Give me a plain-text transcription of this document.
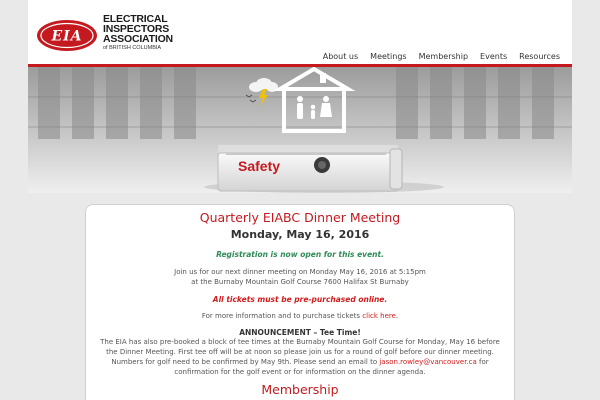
EIA
ELECTRICAL
INSPECTORS
ASSOCIATION
of BRITISH COLUMBIA
About us	Meetings	Membership	Events	Resources
Safety
Quarterly EIABC Dinner Meeting
Monday, May 16, 2016
Registration is now open for this event.
Join us for our next dinner meeting on Monday May 16, 2016 at 5:15pm
at the Burnaby Mountain Golf Course 7600 Halifax St Burnaby
All tickets must be pre-purchased online.
For more information and to purchase tickets click here.
ANNOUNCEMENT – Tee Time!
The EIA has also pre-booked a block of tee times at the Burnaby Mountain Golf Course for Monday, May 16 before the Dinner Meeting. First tee off will be at noon so please join us for a round of golf before our dinner meeting. Numbers for golf need to be confirmed by May 9th. Please send an email to jason.rowley@vancouver.ca for confirmation for the golf event or for information on the dinner agenda.
Membership
